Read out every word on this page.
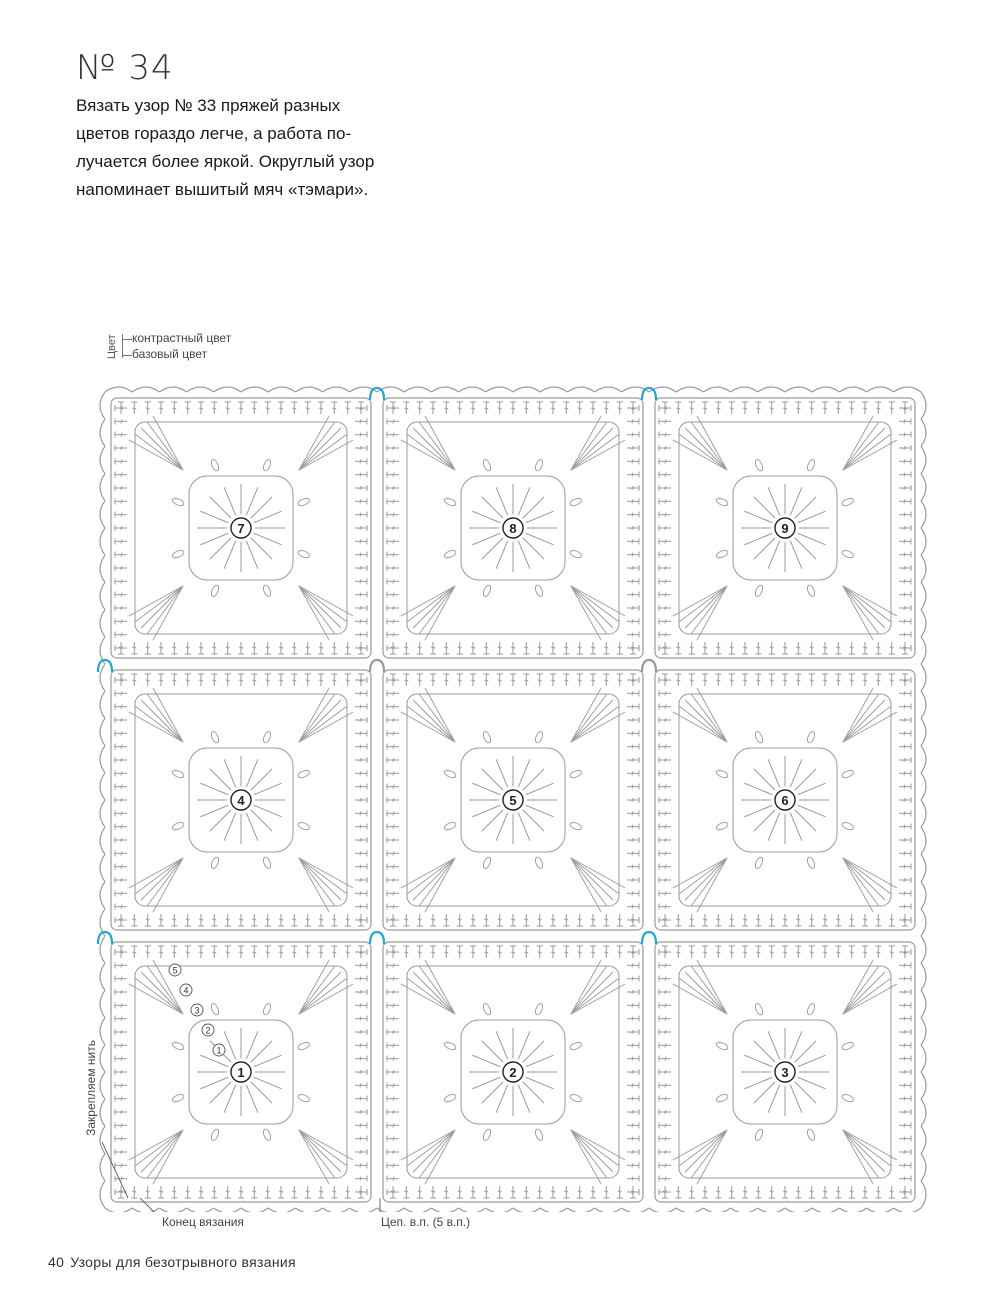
№ 34
Вязать узор № 33 пряжей разных
цветов гораздо легче, а работа по-
лучается более яркой. Округлый узор
напоминает вышитый мяч «тэмари».
Цвет контрастный цвет
базовый цвет
7	8	9
4	5	6
1	2	3
1
2
3
4
5
Закрепляем нить
Конец вязания	Цеп. в.п. (5 в.п.)
40 Узоры для безотрывного вязания
